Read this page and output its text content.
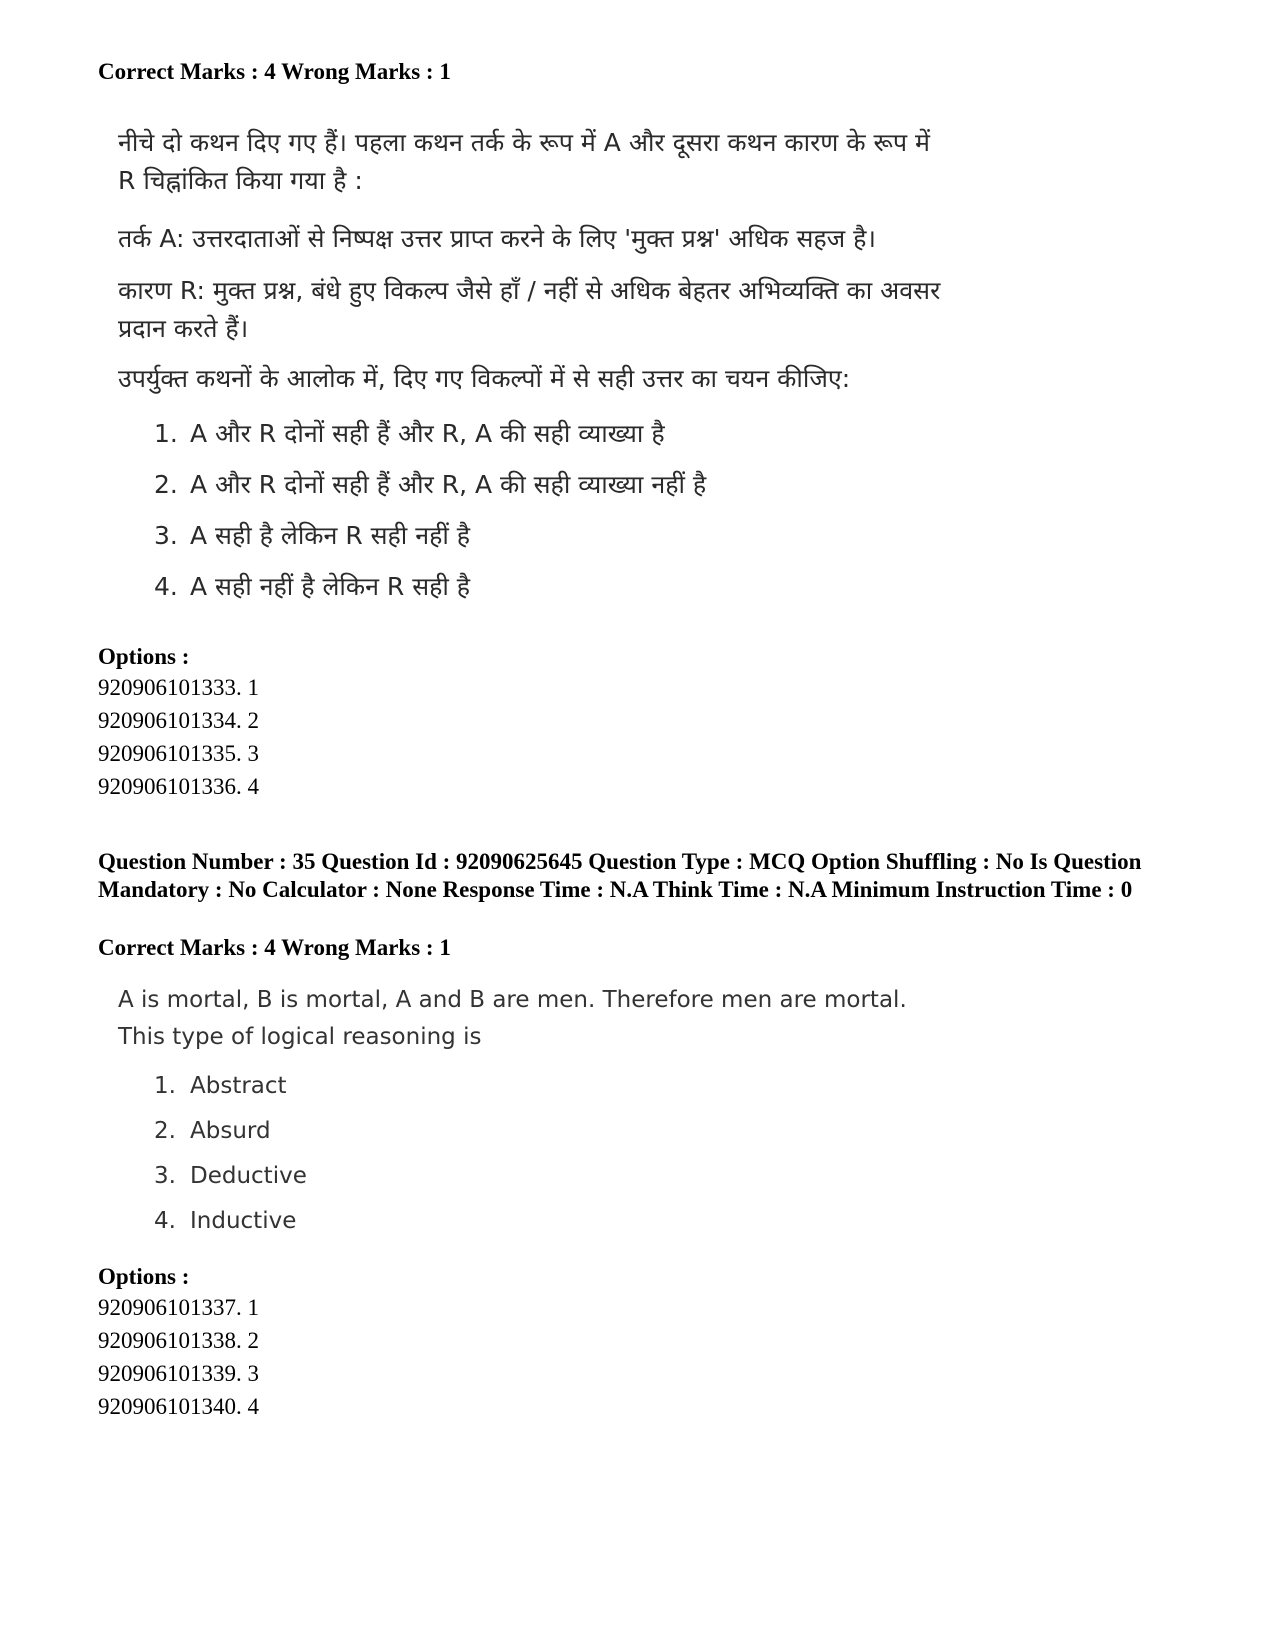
Correct Marks : 4 Wrong Marks : 1

नीचे दो कथन दिए गए हैं। पहला कथन तर्क के रूप में A और दूसरा कथन कारण के रूप में R चिह्नांकित किया गया है :

तर्क A: उत्तरदाताओं से निष्पक्ष उत्तर प्राप्त करने के लिए 'मुक्त प्रश्न' अधिक सहज है।

कारण R: मुक्त प्रश्न, बंधे हुए विकल्प जैसे हाँ / नहीं से अधिक बेहतर अभिव्यक्ति का अवसर प्रदान करते हैं।

उपर्युक्त कथनों के आलोक में, दिए गए विकल्पों में से सही उत्तर का चयन कीजिए:

1. A और R दोनों सही हैं और R, A की सही व्याख्या है
2. A और R दोनों सही हैं और R, A की सही व्याख्या नहीं है
3. A सही है लेकिन R सही नहीं है
4. A सही नहीं है लेकिन R सही है
Options :
920906101333. 1
920906101334. 2
920906101335. 3
920906101336. 4
Question Number : 35 Question Id : 92090625645 Question Type : MCQ Option Shuffling : No Is Question Mandatory : No Calculator : None Response Time : N.A Think Time : N.A Minimum Instruction Time : 0
Correct Marks : 4 Wrong Marks : 1

A is mortal, B is mortal, A and B are men. Therefore men are mortal. This type of logical reasoning is

1. Abstract
2. Absurd
3. Deductive
4. Inductive
Options :
920906101337. 1
920906101338. 2
920906101339. 3
920906101340. 4
